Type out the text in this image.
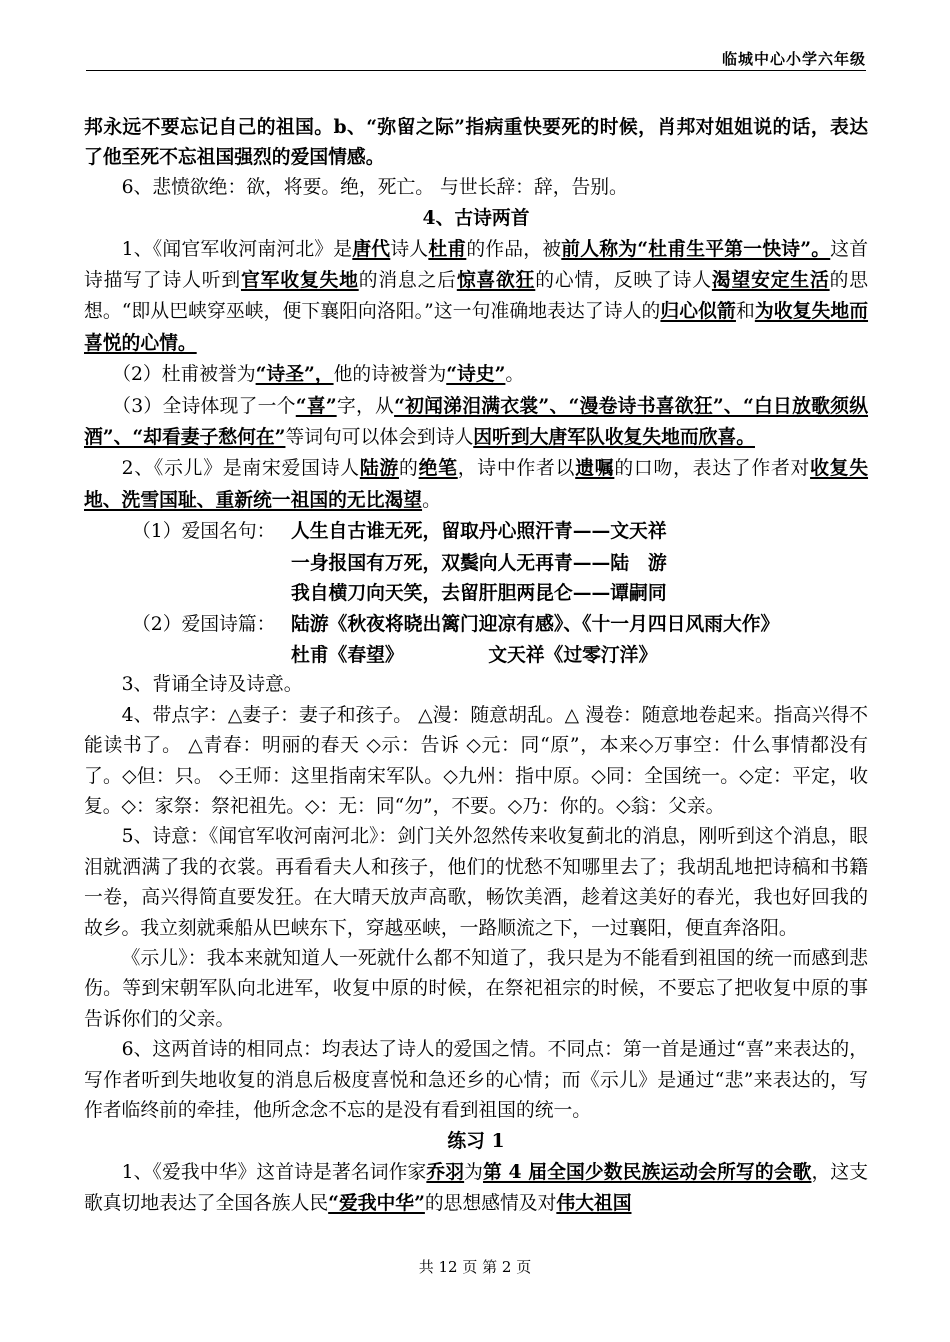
临城中心小学六年级

邦永远不要忘记自己的祖国。b、“弥留之际”指病重快要死的时候，肖邦对姐姐说的话，表达了他至死不忘祖国强烈的爱国情感。

6、悲愤欲绝：欲，将要。绝，死亡。 与世长辞：辞，告别。

4、古诗两首

1、《闻官军收河南河北》是唐代诗人杜甫的作品，被前人称为“杜甫生平第一快诗”。这首诗描写了诗人听到官军收复失地的消息之后惊喜欲狂的心情，反映了诗人渴望安定生活的思想。“即从巴峡穿巫峡，便下襄阳向洛阳。”这一句准确地表达了诗人的归心似箭和为收复失地而喜悦的心情。

（2）杜甫被誉为“诗圣”，他的诗被誉为“诗史”。

（3）全诗体现了一个“喜”字，从“初闻涕泪满衣裳”、“漫卷诗书喜欲狂”、“白日放歌须纵酒”、“却看妻子愁何在”等词句可以体会到诗人因听到大唐军队收复失地而欣喜。

2、《示儿》是南宋爱国诗人陆游的绝笔，诗中作者以遗嘱的口吻，表达了作者对收复失地、洗雪国耻、重新统一祖国的无比渴望。

（1）爱国名句： 人生自古谁无死，留取丹心照汗青——文天祥

一身报国有万死，双鬓向人无再青——陆　游

我自横刀向天笑，去留肝胆两昆仑——谭嗣同

（2）爱国诗篇： 陆游《秋夜将晓出篱门迎凉有感》、《十一月四日风雨大作》

杜甫《春望》　　　　　文天祥《过零汀洋》

3、背诵全诗及诗意。

4、带点字：△妻子：妻子和孩子。 △漫：随意胡乱。△ 漫卷：随意地卷起来。指高兴得不能读书了。 △青春：明丽的春天 ◇示：告诉 ◇元：同“原”，本来◇万事空：什么事情都没有了。◇但：只。 ◇王师：这里指南宋军队。◇九州：指中原。◇同：全国统一。◇定：平定，收复。◇：家祭：祭祀祖先。◇：无：同“勿”，不要。◇乃：你的。◇翁：父亲。

5、诗意：《闻官军收河南河北》：剑门关外忽然传来收复蓟北的消息，刚听到这个消息，眼泪就洒满了我的衣裳。再看看夫人和孩子，他们的忧愁不知哪里去了；我胡乱地把诗稿和书籍一卷，高兴得简直要发狂。在大晴天放声高歌，畅饮美酒，趁着这美好的春光，我也好回我的故乡。我立刻就乘船从巴峡东下，穿越巫峡，一路顺流之下，一过襄阳，便直奔洛阳。

《示儿》：我本来就知道人一死就什么都不知道了，我只是为不能看到祖国的统一而感到悲伤。等到宋朝军队向北进军，收复中原的时候，在祭祀祖宗的时候，不要忘了把收复中原的事告诉你们的父亲。

6、这两首诗的相同点：均表达了诗人的爱国之情。不同点：第一首是通过“喜”来表达的，写作者听到失地收复的消息后极度喜悦和急还乡的心情；而《示儿》是通过“悲”来表达的，写作者临终前的牵挂，他所念念不忘的是没有看到祖国的统一。

练习 1

1、《爱我中华》这首诗是著名词作家乔羽为第 4 届全国少数民族运动会所写的会歌，这支歌真切地表达了全国各族人民“爱我中华”的思想感情及对伟大祖国

共 12 页 第 2 页
